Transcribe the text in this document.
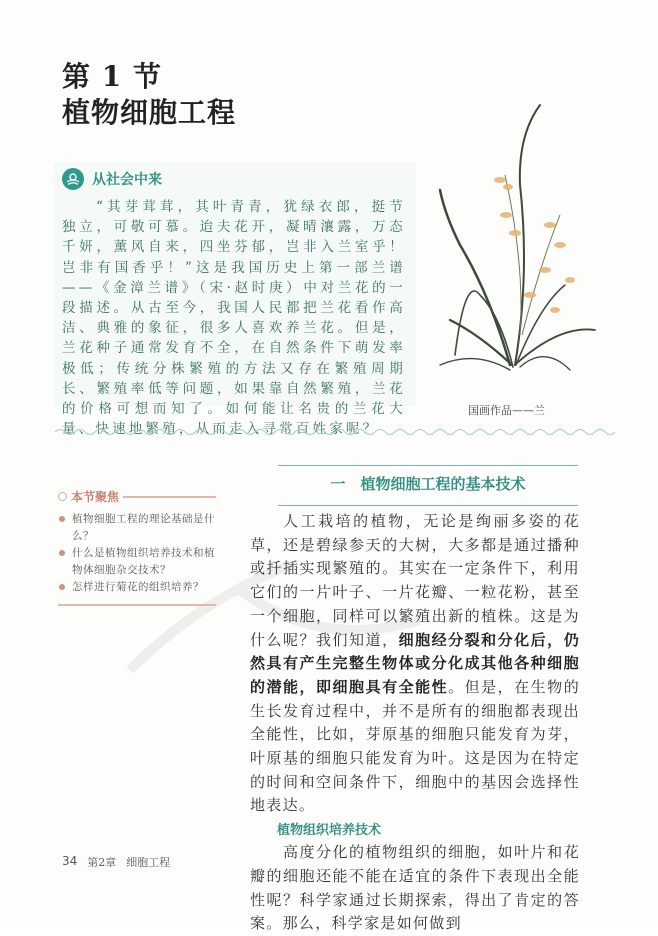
第 1 节
植物细胞工程
从社会中来
“其芽茸茸，其叶青青，犹绿衣郎，挺节独立，可敬可慕。迨夫花开，凝晴瀼露，万态千妍，薰风自来，四坐芬郁，岂非入兰室乎！岂非有国香乎！”这是我国历史上第一部兰谱——《金漳兰谱》（宋·赵时庚）中对兰花的一段描述。从古至今，我国人民都把兰花看作高洁、典雅的象征，很多人喜欢养兰花。但是，兰花种子通常发育不全，在自然条件下萌发率极低；传统分株繁殖的方法又存在繁殖周期长、繁殖率低等问题，如果靠自然繁殖，兰花的价格可想而知了。如何能让名贵的兰花大量、快速地繁殖，从而走入寻常百姓家呢？
国画作品——兰
一　植物细胞工程的基本技术
本节聚焦
植物细胞工程的理论基础是什么？
什么是植物组织培养技术和植物体细胞杂交技术？
怎样进行菊花的组织培养？

人工栽培的植物，无论是绚丽多姿的花草，还是碧绿参天的大树，大多都是通过播种或扦插实现繁殖的。其实在一定条件下，利用它们的一片叶子、一片花瓣、一粒花粉，甚至一个细胞，同样可以繁殖出新的植株。这是为什么呢？我们知道，细胞经分裂和分化后，仍然具有产生完整生物体或分化成其他各种细胞的潜能，即细胞具有全能性。但是，在生物的生长发育过程中，并不是所有的细胞都表现出全能性，比如，芽原基的细胞只能发育为芽，叶原基的细胞只能发育为叶。这是因为在特定的时间和空间条件下，细胞中的基因会选择性地表达。

植物组织培养技术

高度分化的植物组织的细胞，如叶片和花瓣的细胞还能不能在适宜的条件下表现出全能性呢？科学家通过长期探索，得出了肯定的答案。那么，科学家是如何做到

34 第2章 细胞工程
